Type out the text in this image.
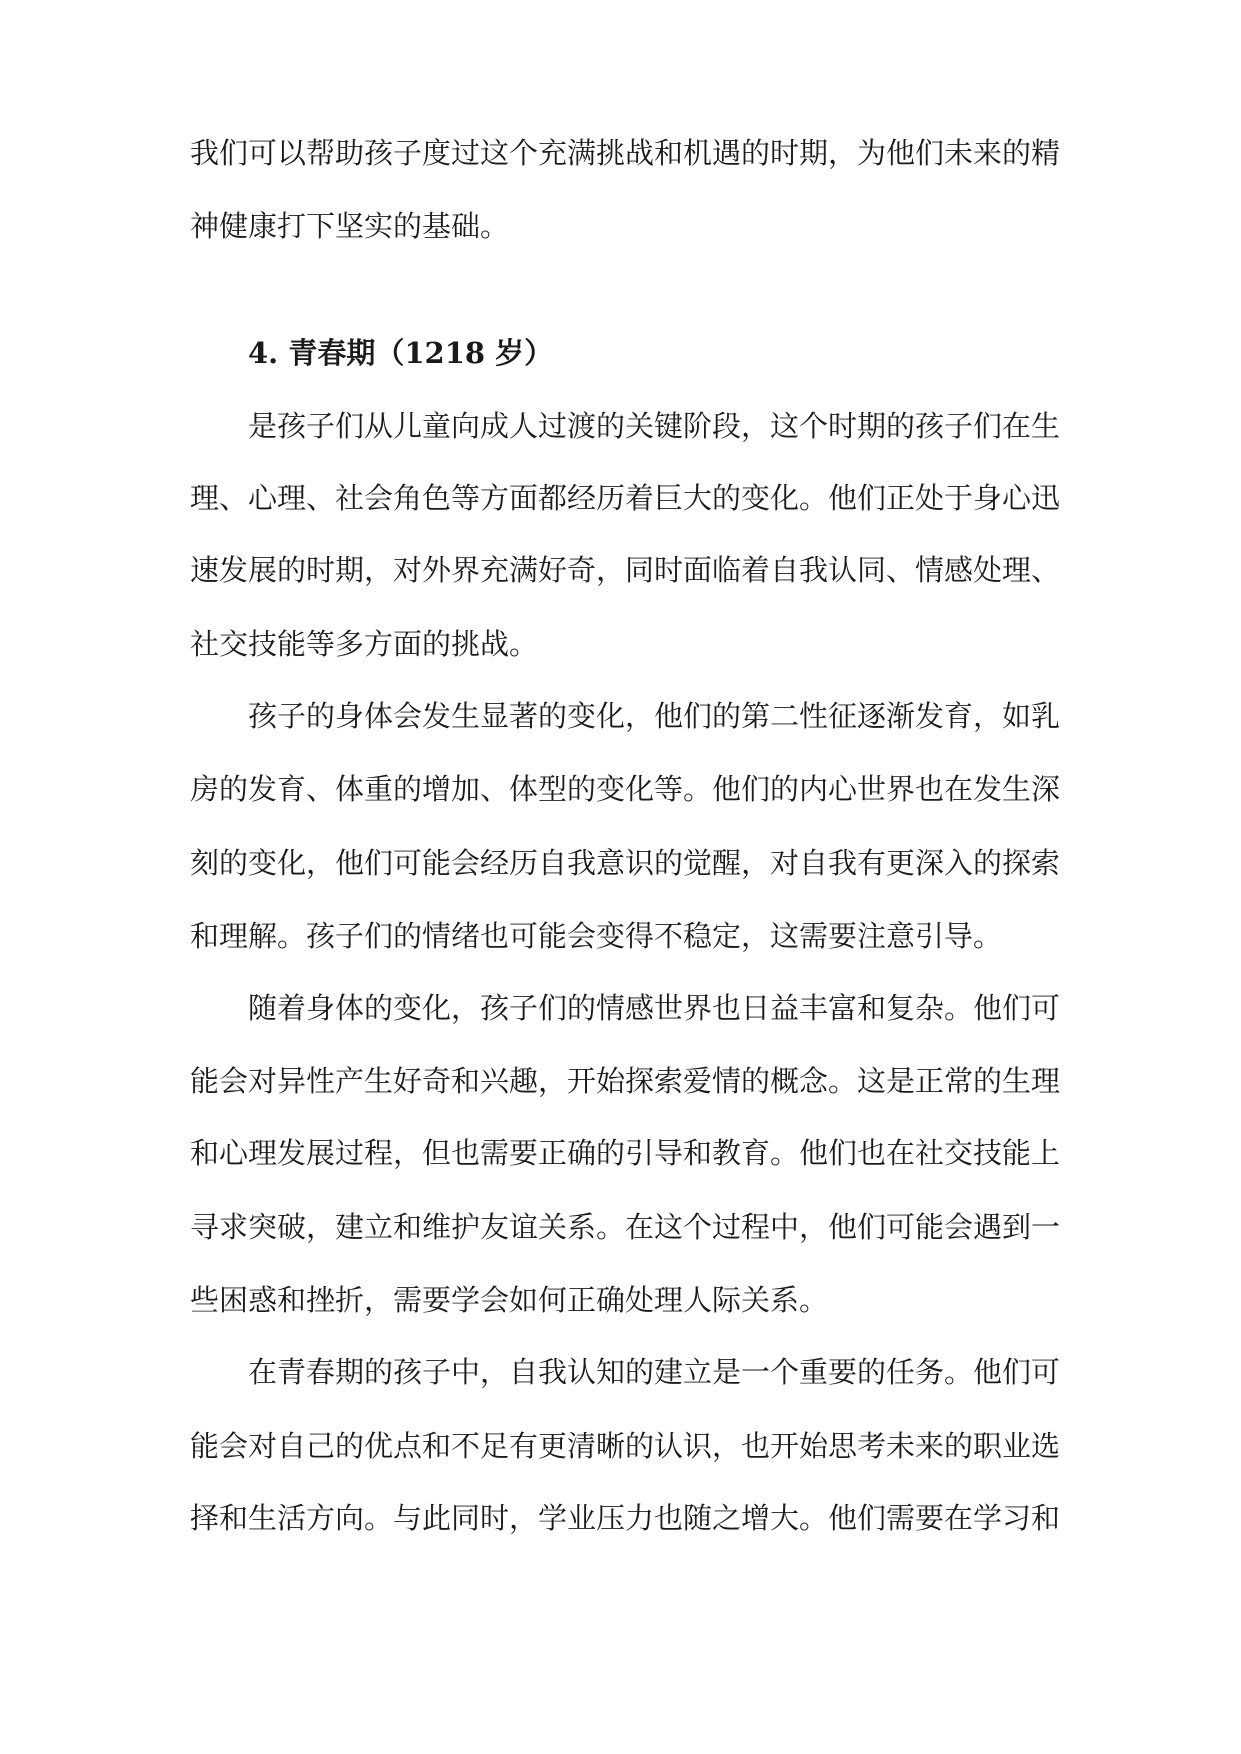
我们可以帮助孩子度过这个充满挑战和机遇的时期，为他们未来的精
神健康打下坚实的基础。
4. 青春期（1218 岁）
是孩子们从儿童向成人过渡的关键阶段，这个时期的孩子们在生
理、心理、社会角色等方面都经历着巨大的变化。他们正处于身心迅
速发展的时期，对外界充满好奇，同时面临着自我认同、情感处理、
社交技能等多方面的挑战。
孩子的身体会发生显著的变化，他们的第二性征逐渐发育，如乳
房的发育、体重的增加、体型的变化等。他们的内心世界也在发生深
刻的变化，他们可能会经历自我意识的觉醒，对自我有更深入的探索
和理解。孩子们的情绪也可能会变得不稳定，这需要注意引导。
随着身体的变化，孩子们的情感世界也日益丰富和复杂。他们可
能会对异性产生好奇和兴趣，开始探索爱情的概念。这是正常的生理
和心理发展过程，但也需要正确的引导和教育。他们也在社交技能上
寻求突破，建立和维护友谊关系。在这个过程中，他们可能会遇到一
些困惑和挫折，需要学会如何正确处理人际关系。
在青春期的孩子中，自我认知的建立是一个重要的任务。他们可
能会对自己的优点和不足有更清晰的认识，也开始思考未来的职业选
择和生活方向。与此同时，学业压力也随之增大。他们需要在学习和
